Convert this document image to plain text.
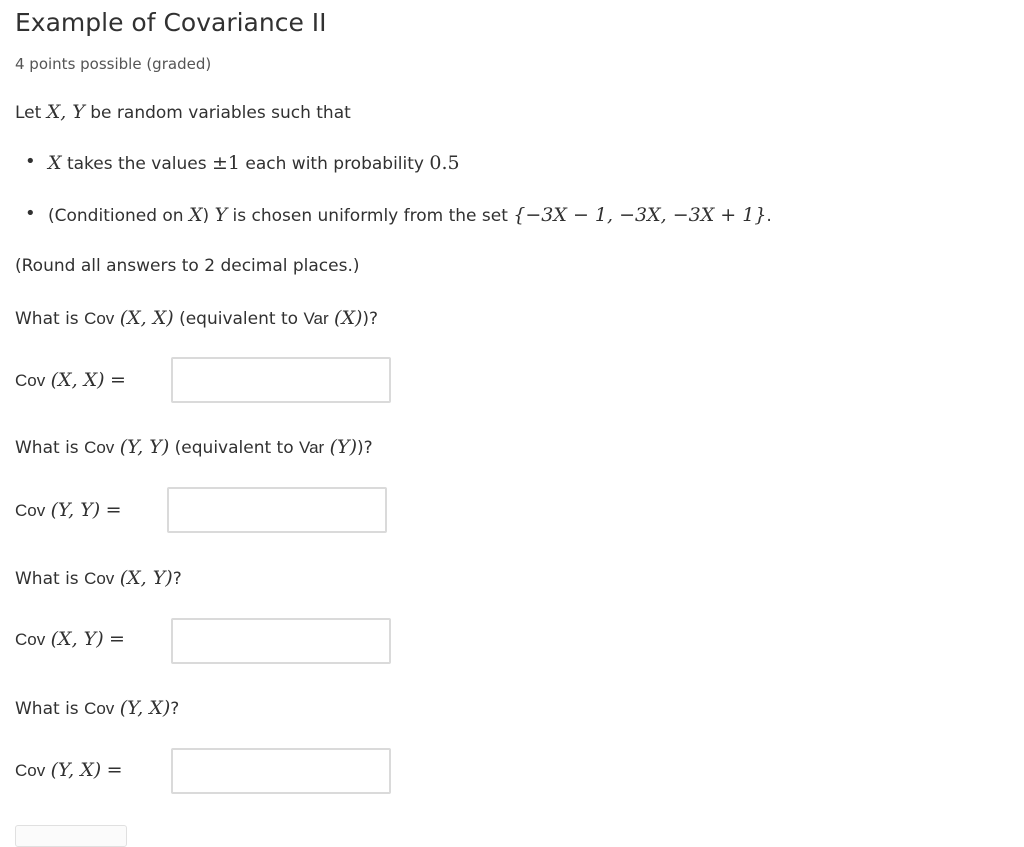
Example of Covariance II
4 points possible (graded)
Let X, Y be random variables such that
• X takes the values ±1 each with probability 0.5
• (Conditioned on X) Y is chosen uniformly from the set {−3X − 1, −3X, −3X + 1}.
(Round all answers to 2 decimal places.)
What is Cov (X, X) (equivalent to Var (X))?
Cov (X, X) =
What is Cov (Y, Y) (equivalent to Var (Y))?
Cov (Y, Y) =
What is Cov (X, Y)?
Cov (X, Y) =
What is Cov (Y, X)?
Cov (Y, X) =
